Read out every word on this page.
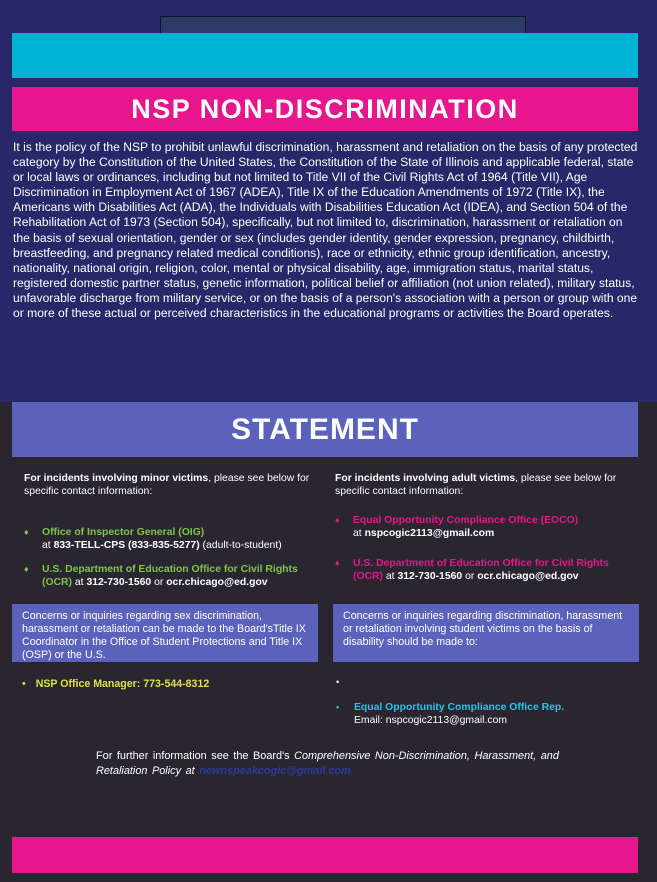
NSP NON-DISCRIMINATION

It is the policy of the NSP to prohibit unlawful discrimination, harassment and retaliation on the basis of any protected category by the Constitution of the United States, the Constitution of the State of Illinois and applicable federal, state or local laws or ordinances, including but not limited to Title VII of the Civil Rights Act of 1964 (Title VII), Age Discrimination in Employment Act of 1967 (ADEA), Title IX of the Education Amendments of 1972 (Title IX), the Americans with Disabilities Act (ADA), the Individuals with Disabilities Education Act (IDEA), and Section 504 of the Rehabilitation Act of 1973 (Section 504), specifically, but not limited to, discrimination, harassment or retaliation on the basis of sexual orientation, gender or sex (includes gender identity, gender expression, pregnancy, childbirth, breastfeeding, and pregnancy related medical conditions), race or ethnicity, ethnic group identification, ancestry, nationality, national origin, religion, color, mental or physical disability, age, immigration status, marital status, registered domestic partner status, genetic information, political belief or affiliation (not union related), military status, unfavorable discharge from military service, or on the basis of a person's association with a person or group with one or more of these actual or perceived characteristics in the educational programs or activities the Board operates.

STATEMENT

For incidents involving minor victims, please see below for specific contact information:

♦ Office of Inspector General (OIG)
at 833-TELL-CPS (833-835-5277) (adult-to-student)
♦ U.S. Department of Education Office for Civil Rights (OCR) at 312-730-1560 or ocr.chicago@ed.gov

Concerns or inquiries regarding sex discrimination, harassment or retaliation can be made to the Board'sTitle IX Coordinator in the Office of Student Protections and Title IX (OSP) or the U.S.

• NSP Office Manager: 773-544-8312

For incidents involving adult victims, please see below for specific contact information:

♦ Equal Opportunity Compliance Office (EOCO)
at nspcogic2113@gmail.com
♦ U.S. Department of Education Office for Civil Rights (OCR) at 312-730-1560 or ocr.chicago@ed.gov

Concerns or inquiries regarding discrimination, harassment or retaliation involving student victims on the basis of disability should be made to:

•
• Equal Opportunity Compliance Office Rep.
Email: nspcogic2113@gmail.com

For further information see the Board's Comprehensive Non-Discrimination, Harassment, and Retaliation Policy at newnspeakcogic@gmail.com
